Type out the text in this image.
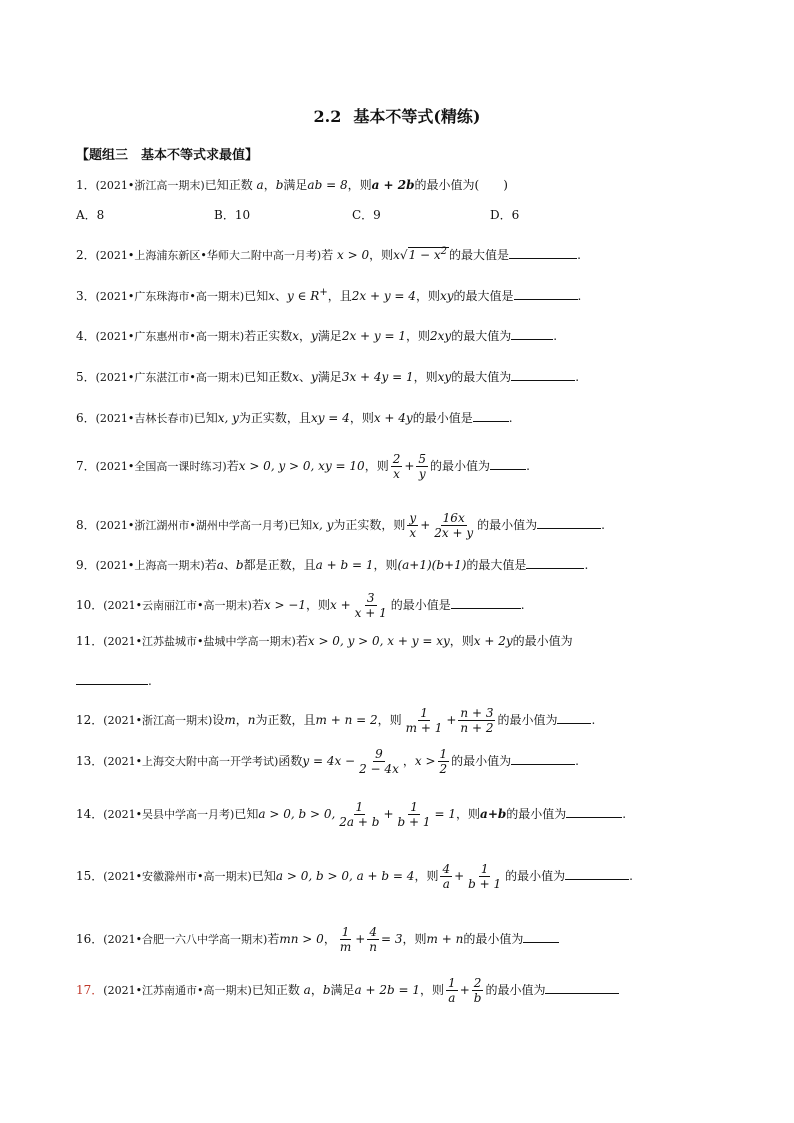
2.2 基本不等式(精练)
【题组三　基本不等式求最值】
1．(2021•浙江高一期末)已知正数 a，b满足ab = 8，则a + 2b的最小值为(　　)
A．8	B．10	C．9	D．6
2．(2021•上海浦东新区•华师大二附中高一月考)若 x > 0，则$x√1 - x^2$ 的最大值是	.
3．(2021•广东珠海市•高一期末)已知x、y ∈ R+，且2x + y = 4，则xy的最大值是	.
4．(2021•广东惠州市•高一期末)若正实数x，y满足2x + y = 1，则2xy的最大值为	.
5．(2021•广东湛江市•高一期末)已知正数x、y满足3x + 4y = 1，则xy的最大值为	.
6．(2021•吉林长春市)已知x, y为正实数，且xy = 4，则x + 4y的最小值是	.
7．(2021•全国高一课时练习)若x > 0, y > 0, xy = 10，则 $\frac{2}{x} + \frac{5}{y}$ 的最小值为	.
8．(2021•浙江湖州市•湖州中学高一月考)已知x, y为正实数，则 $\frac{y}{x} + \frac{16x}{2x + y}$ 的最小值为	.
9．(2021•上海高一期末)若a、b都是正数，且a + b = 1，则(a+1)(b+1)的最大值是	.
10．(2021•云南丽江市•高一期末)若x > −1，则$x + \frac{3}{x + 1}$ 的最小值是	.
11．(2021•江苏盐城市•盐城中学高一期末)若x > 0, y > 0, x + y = xy，则x + 2y的最小值为
.
12．(2021•浙江高一期末)设m，n为正数，且m + n = 2，则 $\frac{1}{m + 1} + \frac{n + 3}{n + 2}$ 的最小值为	.
13．(2021•上海交大附中高一开学考试)函数$y = 4x - \frac{9}{2 - 4x}$ ，$x > \frac{1}{2}$ 的最小值为	.
14．(2021•吴县中学高一月考)已知a > 0, b > 0, $\frac{1}{2a + b} + \frac{1}{b + 1} = 1$，则a+b的最小值为	.
15．(2021•安徽滁州市•高一期末)已知a > 0, b > 0, a + b = 4，则 $\frac{4}{a} + \frac{1}{b + 1}$ 的最小值为	.
16．(2021•合肥一六八中学高一期末)若mn > 0， $\frac{1}{m} + \frac{4}{n} = 3$，则m + n的最小值为
17．(2021•江苏南通市•高一期末)已知正数 a，b满足a + 2b = 1，则 $\frac{1}{a} + \frac{2}{b}$ 的最小值为
